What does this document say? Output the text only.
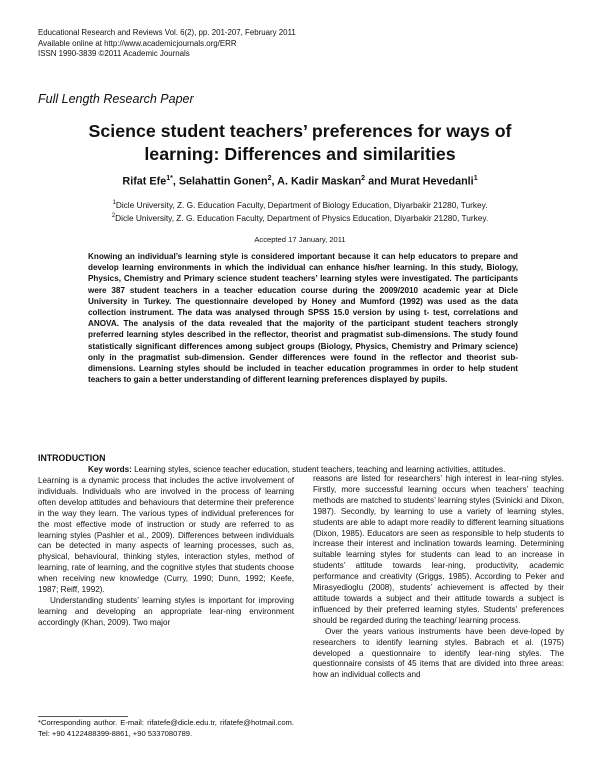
Educational Research and Reviews Vol. 6(2), pp. 201-207, February 2011
Available online at http://www.academicjournals.org/ERR
ISSN 1990-3839 ©2011 Academic Journals
Full Length Research Paper
Science student teachers’ preferences for ways of learning: Differences and similarities
Rifat Efe$^{1*}$, Selahattin Gonen$^2$, A. Kadir Maskan$^2$ and Murat Hevedanli$^1$
$^1$Dicle University, Z. G. Education Faculty, Department of Biology Education, Diyarbakir 21280, Turkey.
$^2$Dicle University, Z. G. Education Faculty, Department of Physics Education, Diyarbakir 21280, Turkey.
Accepted 17 January, 2011
Knowing an individual’s learning style is considered important because it can help educators to prepare and develop learning environments in which the individual can enhance his/her learning. In this study, Biology, Physics, Chemistry and Primary science student teachers’ learning styles were investigated. The participants were 387 student teachers in a teacher education course during the 2009/2010 academic year at Dicle University in Turkey. The questionnaire developed by Honey and Mumford (1992) was used as the data collection instrument. The data was analysed through SPSS 15.0 version by using t- test, correlations and ANOVA. The analysis of the data revealed that the majority of the participant student teachers strongly preferred learning styles described in the reflector, theorist and pragmatist sub-dimensions. The study found statistically significant differences among subject groups (Biology, Physics, Chemistry and Primary science) only in the pragmatist sub-dimension. Gender differences were found in the reflector and theorist sub- dimensions. Learning styles should be included in teacher education programmes in order to help student teachers to gain a better understanding of different learning preferences displayed by pupils.
Key words: Learning styles, science teacher education, student teachers, teaching and learning activities, attitudes.
INTRODUCTION

Learning is a dynamic process that includes the active involvement of individuals. Individuals who are involved in the process of learning often develop attitudes and behaviours that determine their preference in the way they learn. The various types of individual preferences for the most effective mode of instruction or study are referred to as learning styles (Pashler et al., 2009). Differences between individuals can be detected in many aspects of learning processes, such as, physical, behavioural, thinking styles, interaction styles, method of learning, rate of learning, and the cognitive styles that students choose when receiving new knowledge (Curry, 1990; Dunn, 1992; Keefe, 1987; Reiff, 1992).

Understanding students’ learning styles is important for improving learning and developing an appropriate lear-ning environment accordingly (Khan, 2009). Two major

reasons are listed for researchers’ high interest in lear-ning styles. Firstly, more successful learning occurs when teachers’ teaching methods are matched to students’ learning styles (Svinicki and Dixon, 1987). Secondly, by learning to use a variety of learning styles, students are able to adapt more readily to different learning situations (Dixon, 1985). Educators are seen as responsible to help students to increase their interest and inclination towards learning. Determining suitable learning styles for students can lead to an increase in students’ attitude towards lear-ning, productivity, academic performance and creativity (Griggs, 1985). According to Peker and Mirasyedioglu (2008), students’ achievement is affected by their attitude towards a subject and their attitude towards a subject is influenced by their preferred learning styles. Students’ preferences should be regarded during the teaching/ learning process.

Over the years various instruments have been deve-loped by researchers to identify learning styles. Babrach et al. (1975) developed a questionnaire to identify lear-ning styles. The questionnaire consists of 45 items that are divided into three areas: how an individual collects and

*Corresponding author. E-mail: rifatefe@dicle.edu.tr, rifatefe@hotmail.com. Tel: +90 4122488399-8861, +90 5337080789.
